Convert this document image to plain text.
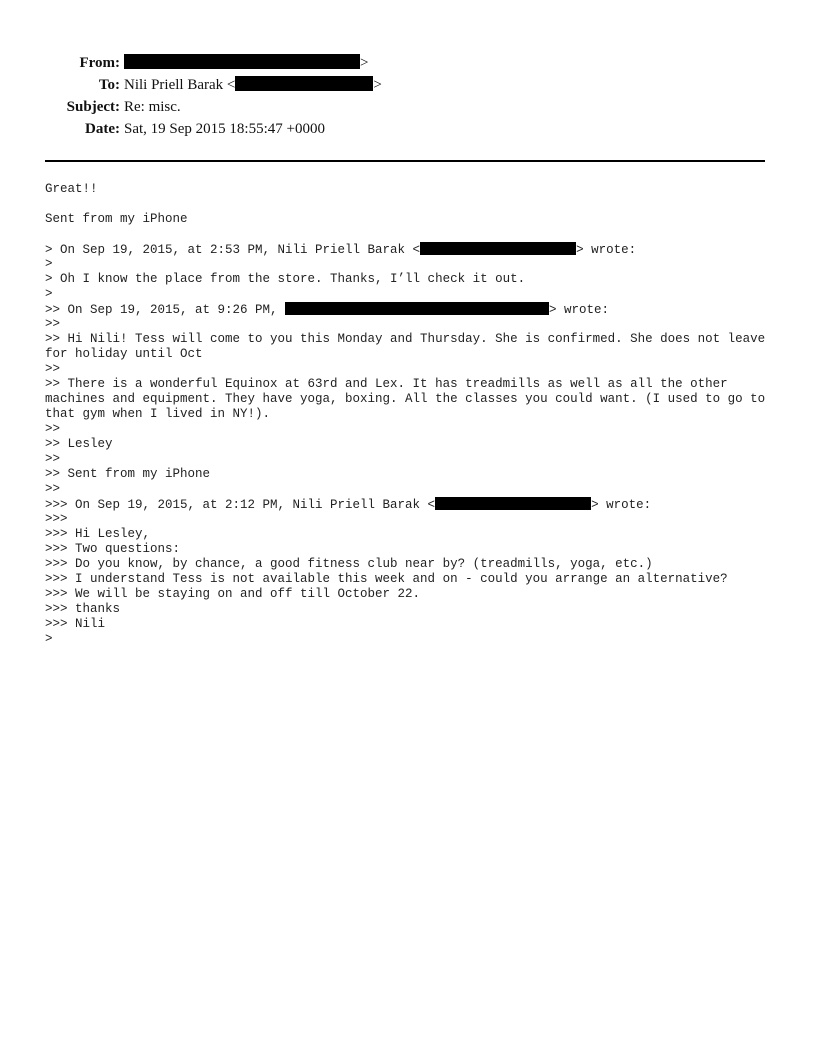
From:	>
To: Nili Priell Barak <	>
Subject: Re: misc.
Date: Sat, 19 Sep 2015 18:55:47 +0000
Great!!
Sent from my iPhone
> On Sep 19, 2015, at 2:53 PM, Nili Priell Barak <	> wrote:
>
> Oh I know the place from the store. Thanks, I’ll check it out.
>
>> On Sep 19, 2015, at 9:26 PM,	> wrote:
>>
>> Hi Nili! Tess will come to you this Monday and Thursday. She is confirmed. She does not leave for holiday until Oct
>>
>> There is a wonderful Equinox at 63rd and Lex. It has treadmills as well as all the other machines and equipment. They have yoga, boxing. All the classes you could want. (I used to go to that gym when I lived in NY!).
>>
>> Lesley
>>
>> Sent from my iPhone
>>
>>> On Sep 19, 2015, at 2:12 PM, Nili Priell Barak <	> wrote:
>>>
>>> Hi Lesley,
>>> Two questions:
>>> Do you know, by chance, a good fitness club near by? (treadmills, yoga, etc.)
>>> I understand Tess is not available this week and on - could you arrange an alternative?
>>> We will be staying on and off till October 22.
>>> thanks
>>> Nili
>
